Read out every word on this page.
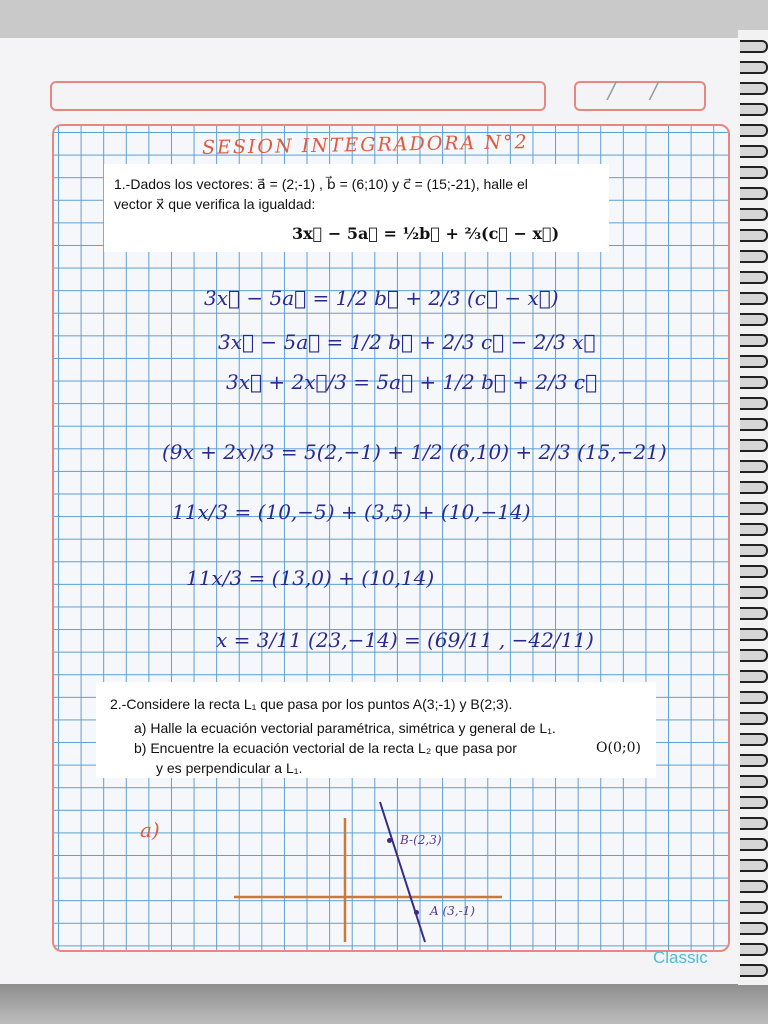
/ /
SESION INTEGRADORA N°2
1.-Dados los vectores: a⃗ = (2;-1) , b⃗ = (6;10) y c⃗ = (15;-21), halle el
vector x⃗ que verifica la igualdad:
3x⃗ − 5a⃗ = ½b⃗ + ⅔(c⃗ − x⃗)
3x⃗ − 5a⃗ = 1/2 b⃗ + 2/3 (c⃗ − x⃗)
3x⃗ − 5a⃗ = 1/2 b⃗ + 2/3 c⃗ − 2/3 x⃗
3x⃗ + 2x⃗/3 = 5a⃗ + 1/2 b⃗ + 2/3 c⃗
(9x + 2x)/3 = 5(2,−1) + 1/2 (6,10) + 2/3 (15,−21)
11x/3 = (10,−5) + (3,5) + (10,−14)
11x/3 = (13,0) + (10,14)
x = 3/11 (23,−14) = (69/11 , −42/11)
2.-Considere la recta L₁ que pasa por los puntos A(3;-1) y B(2;3).
a) Halle la ecuación vectorial paramétrica, simétrica y general de L₁.
b) Encuentre la ecuación vectorial de la recta L₂ que pasa por	O(0;0)
y es perpendicular a L₁.
a)	B-(2,3)
A (3,-1)
Classic
